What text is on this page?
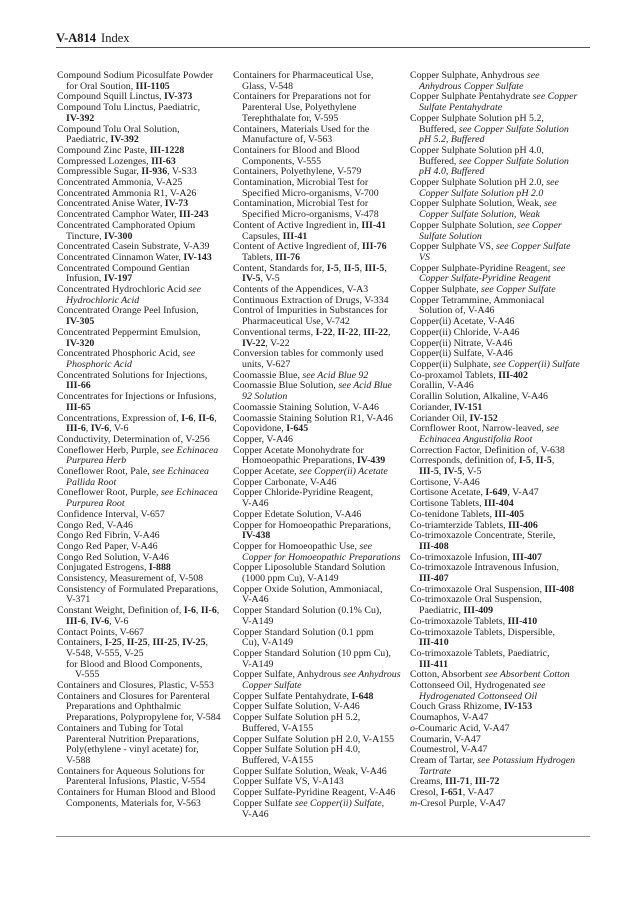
V-A814 Index
Compound Sodium Picosulfate Powder
for Oral Soution, III-1105
Compound Squill Linctus, IV-373
Compound Tolu Linctus, Paediatric,
IV-392
Compound Tolu Oral Solution,
Paediatric, IV-392
Compound Zinc Paste, III-1228
Compressed Lozenges, III-63
Compressible Sugar, II-936, V-S33
Concentrated Ammonia, V-A25
Concentrated Ammonia R1, V-A26
Concentrated Anise Water, IV-73
Concentrated Camphor Water, III-243
Concentrated Camphorated Opium
Tincture, IV-300
Concentrated Casein Substrate, V-A39
Concentrated Cinnamon Water, IV-143
Concentrated Compound Gentian
Infusion, IV-197
Concentrated Hydrochloric Acid see
Hydrochloric Acid
Concentrated Orange Peel Infusion,
IV-305
Concentrated Peppermint Emulsion,
IV-320
Concentrated Phosphoric Acid, see
Phosphoric Acid
Concentrated Solutions for Injections,
III-66
Concentrates for Injections or Infusions,
III-65
Concentrations, Expression of, I-6, II-6,
III-6, IV-6, V-6
Conductivity, Determination of, V-256
Coneflower Herb, Purple, see Echinacea
Purpurea Herb
Coneflower Root, Pale, see Echinacea
Pallida Root
Coneflower Root, Purple, see Echinacea
Purpurea Root
Confidence Interval, V-657
Congo Red, V-A46
Congo Red Fibrin, V-A46
Congo Red Paper, V-A46
Congo Red Solution, V-A46
Conjugated Estrogens, I-888
Consistency, Measurement of, V-508
Consistency of Formulated Preparations,
V-371
Constant Weight, Definition of, I-6, II-6,
III-6, IV-6, V-6
Contact Points, V-667
Containers, I-25, II-25, III-25, IV-25,
V-548, V-555, V-25
for Blood and Blood Components,
V-555
Containers and Closures, Plastic, V-553
Containers and Closures for Parenteral
Preparations and Ophthalmic
Preparations, Polypropylene for, V-584
Containers and Tubing for Total
Parenteral Nutrition Preparations,
Poly(ethylene - vinyl acetate) for,
V-588
Containers for Aqueous Solutions for
Parenteral Infusions, Plastic, V-554
Containers for Human Blood and Blood
Components, Materials for, V-563
Containers for Pharmaceutical Use,
Glass, V-548
Containers for Preparations not for
Parenteral Use, Polyethylene
Terephthalate for, V-595
Containers, Materials Used for the
Manufacture of, V-563
Containers for Blood and Blood
Components, V-555
Containers, Polyethylene, V-579
Contamination, Microbial Test for
Specified Micro-organisms, V-700
Contamination, Microbial Test for
Specified Micro-organisms, V-478
Content of Active Ingredient in, III-41
Capsules, III-41
Content of Active Ingredient of, III-76
Tablets, III-76
Content, Standards for, I-5, II-5, III-5,
IV-5, V-5
Contents of the Appendices, V-A3
Continuous Extraction of Drugs, V-334
Control of Impurities in Substances for
Pharmaceutical Use, V-742
Conventional terms, I-22, II-22, III-22,
IV-22, V-22
Conversion tables for commonly used
units, V-627
Coomassie Blue, see Acid Blue 92
Coomassie Blue Solution, see Acid Blue
92 Solution
Coomassie Staining Solution, V-A46
Coomassie Staining Solution R1, V-A46
Copovidone, I-645
Copper, V-A46
Copper Acetate Monohydrate for
Homoeopathic Preparations, IV-439
Copper Acetate, see Copper(ii) Acetate
Copper Carbonate, V-A46
Copper Chloride-Pyridine Reagent,
V-A46
Copper Edetate Solution, V-A46
Copper for Homoeopathic Preparations,
IV-438
Copper for Homoeopathic Use, see
Copper for Homoeopathic Preparations
Copper Liposoluble Standard Solution
(1000 ppm Cu), V-A149
Copper Oxide Solution, Ammoniacal,
V-A46
Copper Standard Solution (0.1% Cu),
V-A149
Copper Standard Solution (0.1 ppm
Cu), V-A149
Copper Standard Solution (10 ppm Cu),
V-A149
Copper Sulfate, Anhydrous see Anhydrous
Copper Sulfate
Copper Sulfate Pentahydrate, I-648
Copper Sulfate Solution, V-A46
Copper Sulfate Solution pH 5.2,
Buffered, V-A155
Copper Sulfate Solution pH 2.0, V-A155
Copper Sulfate Solution pH 4.0,
Buffered, V-A155
Copper Sulfate Solution, Weak, V-A46
Copper Sulfate VS, V-A143
Copper Sulfate-Pyridine Reagent, V-A46
Copper Sulfate see Copper(ii) Sulfate,
V-A46
Copper Sulphate, Anhydrous see
Anhydrous Copper Sulfate
Copper Sulphate Pentahydrate see Copper
Sulfate Pentahydrate
Copper Sulphate Solution pH 5.2,
Buffered, see Copper Sulfate Solution
pH 5.2, Buffered
Copper Sulphate Solution pH 4.0,
Buffered, see Copper Sulfate Solution
pH 4.0, Buffered
Copper Sulphate Solution pH 2.0, see
Copper Sulfate Solution pH 2.0
Copper Sulphate Solution, Weak, see
Copper Sulfate Solution, Weak
Copper Sulphate Solution, see Copper
Sulfate Solution
Copper Sulphate VS, see Copper Sulfate
VS
Copper Sulphate-Pyridine Reagent, see
Copper Sulfate-Pyridine Reagent
Copper Sulphate, see Copper Sulfate
Copper Tetrammine, Ammoniacal
Solution of, V-A46
Copper(ii) Acetate, V-A46
Copper(ii) Chloride, V-A46
Copper(ii) Nitrate, V-A46
Copper(ii) Sulfate, V-A46
Copper(ii) Sulphate, see Copper(ii) Sulfate
Co-proxamol Tablets, III-402
Corallin, V-A46
Corallin Solution, Alkaline, V-A46
Coriander, IV-151
Coriander Oil, IV-152
Cornflower Root, Narrow-leaved, see
Echinacea Angustifolia Root
Correction Factor, Definition of, V-638
Corresponds, definition of, I-5, II-5,
III-5, IV-5, V-5
Cortisone, V-A46
Cortisone Acetate, I-649, V-A47
Cortisone Tablets, III-404
Co-tenidone Tablets, III-405
Co-triamterzide Tablets, III-406
Co-trimoxazole Concentrate, Sterile,
III-408
Co-trimoxazole Infusion, III-407
Co-trimoxazole Intravenous Infusion,
III-407
Co-trimoxazole Oral Suspension, III-408
Co-trimoxazole Oral Suspension,
Paediatric, III-409
Co-trimoxazole Tablets, III-410
Co-trimoxazole Tablets, Dispersible,
III-410
Co-trimoxazole Tablets, Paediatric,
III-411
Cotton, Absorbent see Absorbent Cotton
Cottonseed Oil, Hydrogenated see
Hydrogenated Cottonseed Oil
Couch Grass Rhizome, IV-153
Coumaphos, V-A47
o-Coumaric Acid, V-A47
Coumarin, V-A47
Coumestrol, V-A47
Cream of Tartar, see Potassium Hydrogen
Tartrate
Creams, III-71, III-72
Cresol, I-651, V-A47
m-Cresol Purple, V-A47
